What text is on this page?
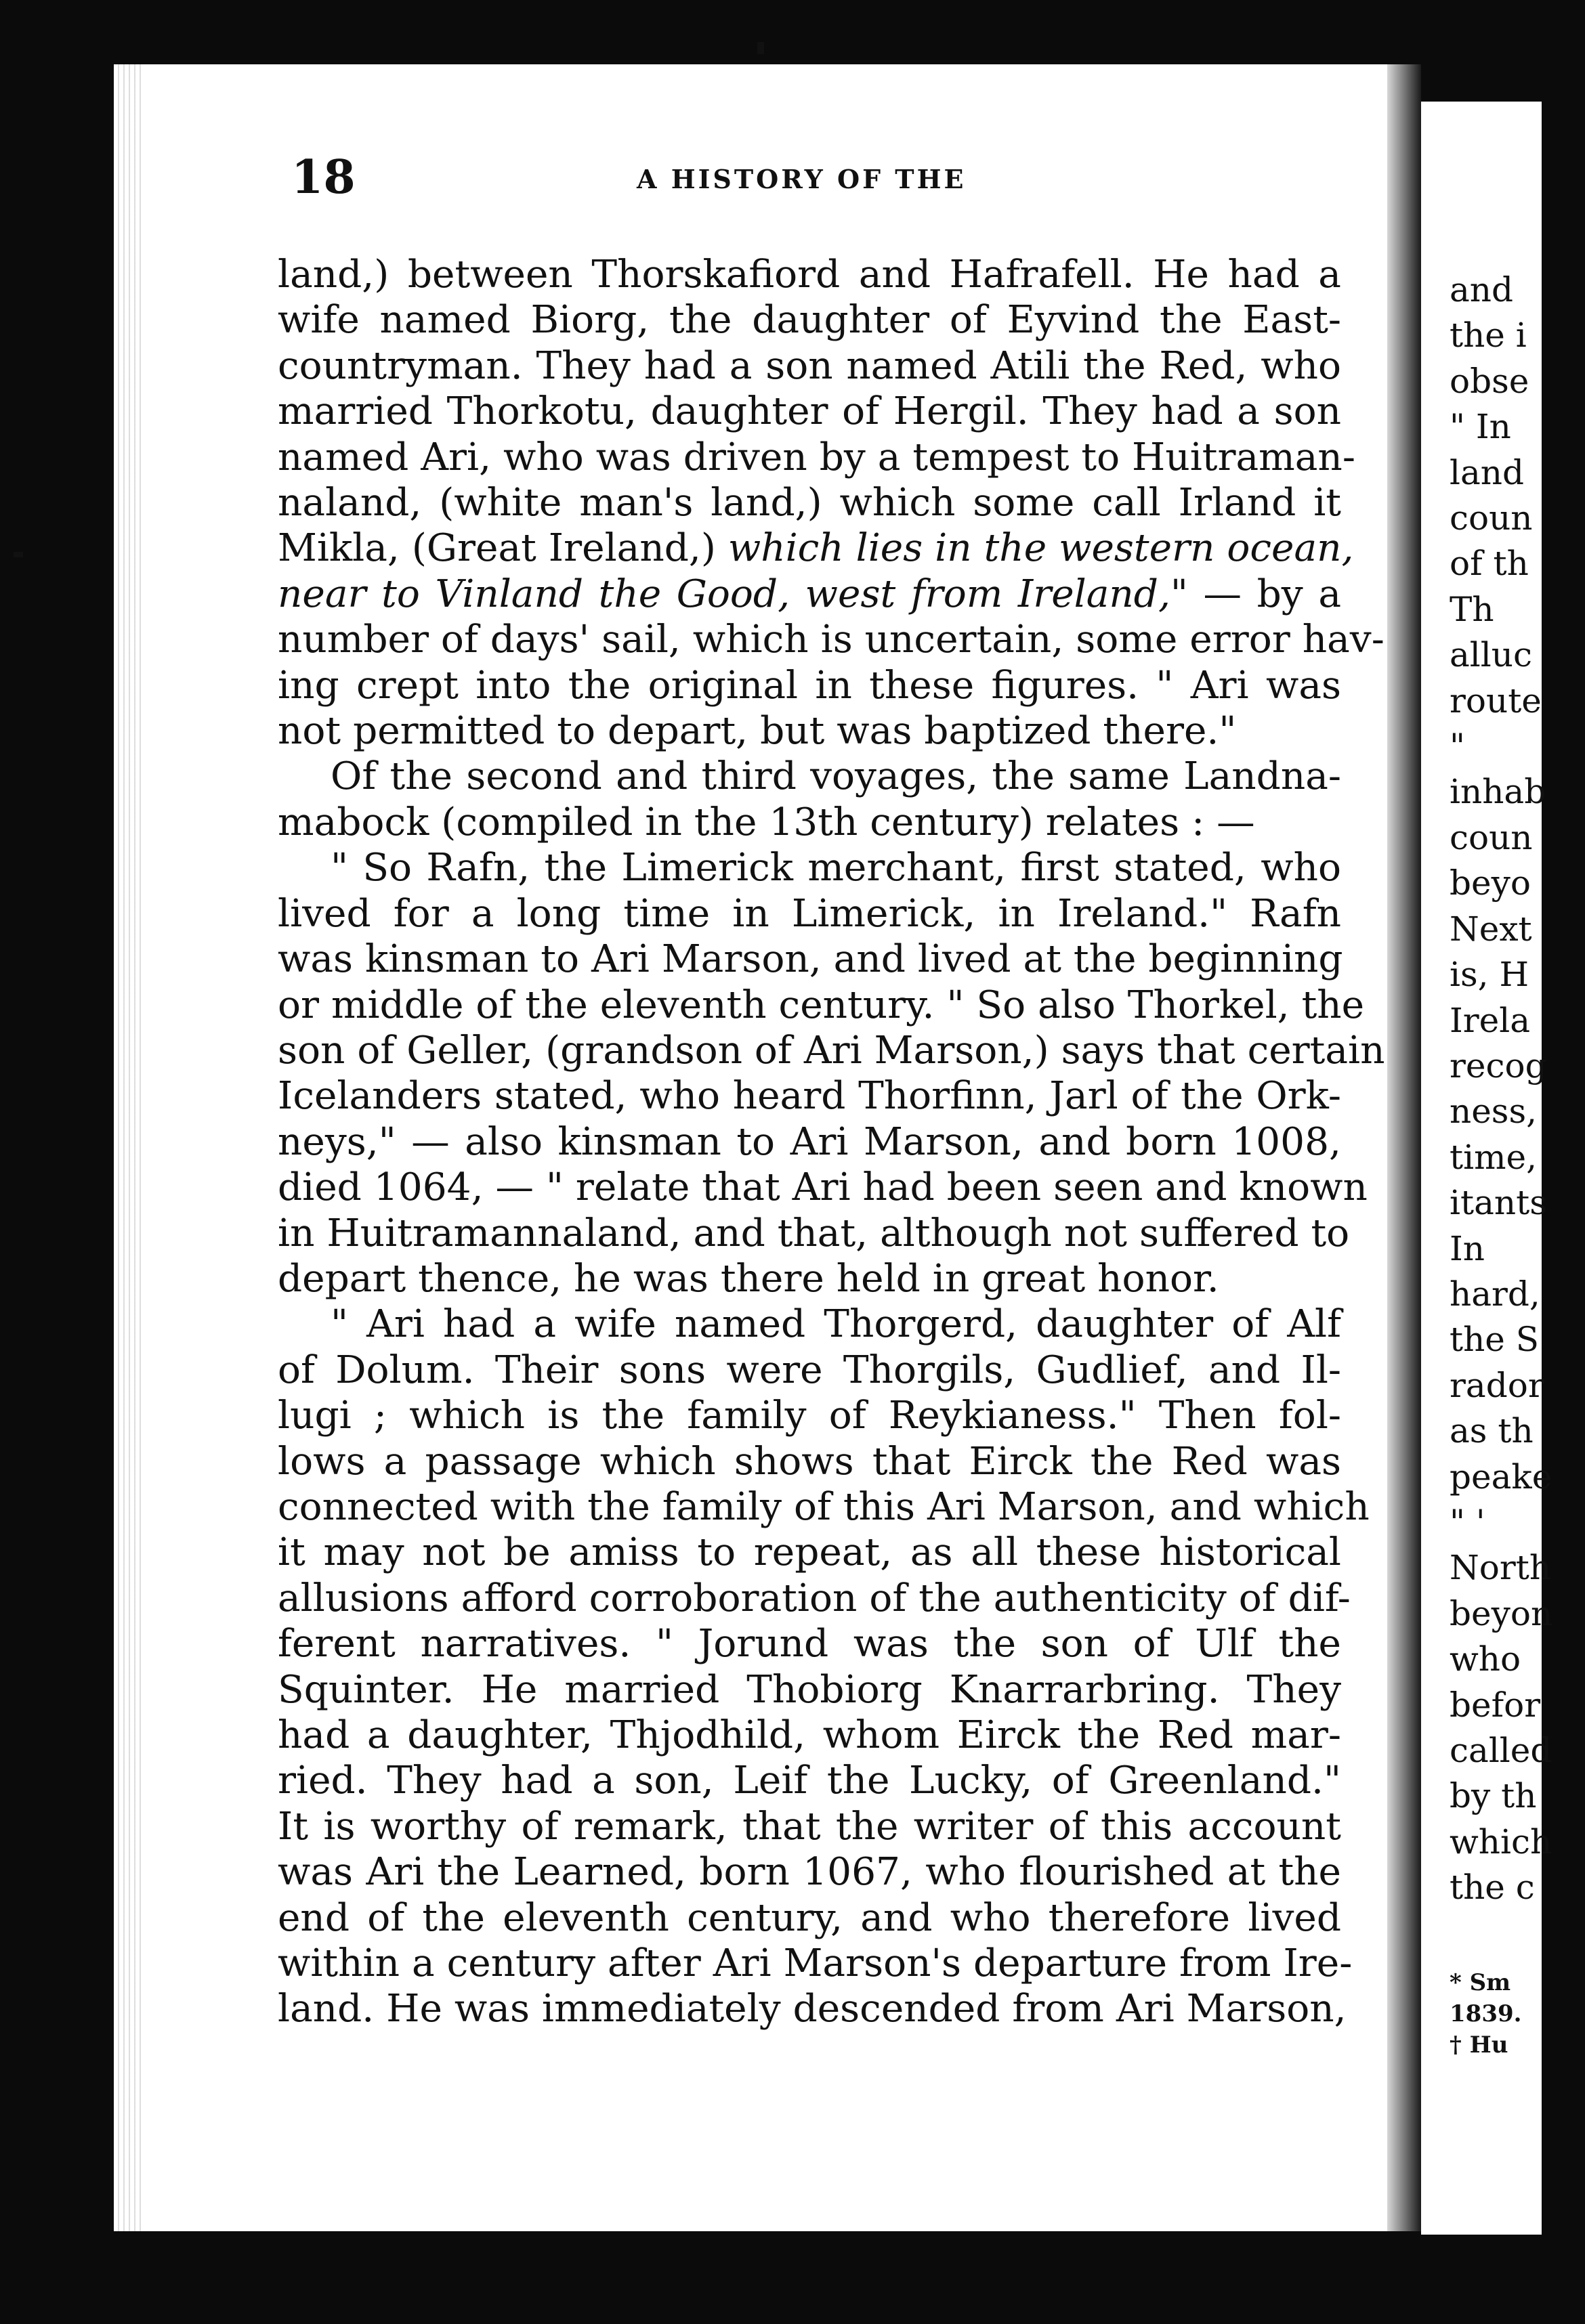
18	A HISTORY OF THE
land,) between Thorskafiord and Hafrafell. He had a
wife named Biorg, the daughter of Eyvind the East-
countryman. They had a son named Atili the Red, who
married Thorkotu, daughter of Hergil. They had a son
named Ari, who was driven by a tempest to Huitraman-
naland, (white man's land,) which some call Irland it
Mikla, (Great Ireland,) which lies in the western ocean,
near to Vinland the Good, west from Ireland," — by a
number of days' sail, which is uncertain, some error hav-
ing crept into the original in these figures. " Ari was
not permitted to depart, but was baptized there."
Of the second and third voyages, the same Landna-
mabock (compiled in the 13th century) relates : —
" So Rafn, the Limerick merchant, first stated, who
lived for a long time in Limerick, in Ireland." Rafn
was kinsman to Ari Marson, and lived at the beginning
or middle of the eleventh century. " So also Thorkel, the
son of Geller, (grandson of Ari Marson,) says that certain
Icelanders stated, who heard Thorfinn, Jarl of the Ork-
neys," — also kinsman to Ari Marson, and born 1008,
died 1064, — " relate that Ari had been seen and known
in Huitramannaland, and that, although not suffered to
depart thence, he was there held in great honor.
" Ari had a wife named Thorgerd, daughter of Alf
of Dolum. Their sons were Thorgils, Gudlief, and Il-
lugi ; which is the family of Reykianess." Then fol-
lows a passage which shows that Eirck the Red was
connected with the family of this Ari Marson, and which
it may not be amiss to repeat, as all these historical
allusions afford corroboration of the authenticity of dif-
ferent narratives. " Jorund was the son of Ulf the
Squinter. He married Thobiorg Knarrarbring. They
had a daughter, Thjodhild, whom Eirck the Red mar-
ried. They had a son, Leif the Lucky, of Greenland."
It is worthy of remark, that the writer of this account
was Ari the Learned, born 1067, who flourished at the
end of the eleventh century, and who therefore lived
within a century after Ari Marson's departure from Ire-
land. He was immediately descended from Ari Marson,
and
the i
obse
" In
land
coun
of th
Th
alluc
route
"
inhab
coun
beyo
Next
is, H
Irela
recog
ness,
time,
itants
In
hard,
the S
rador
as th
peake
" '
North
beyon
who
befor
called
by th
which
the c
* Sm
1839.
† Hu
